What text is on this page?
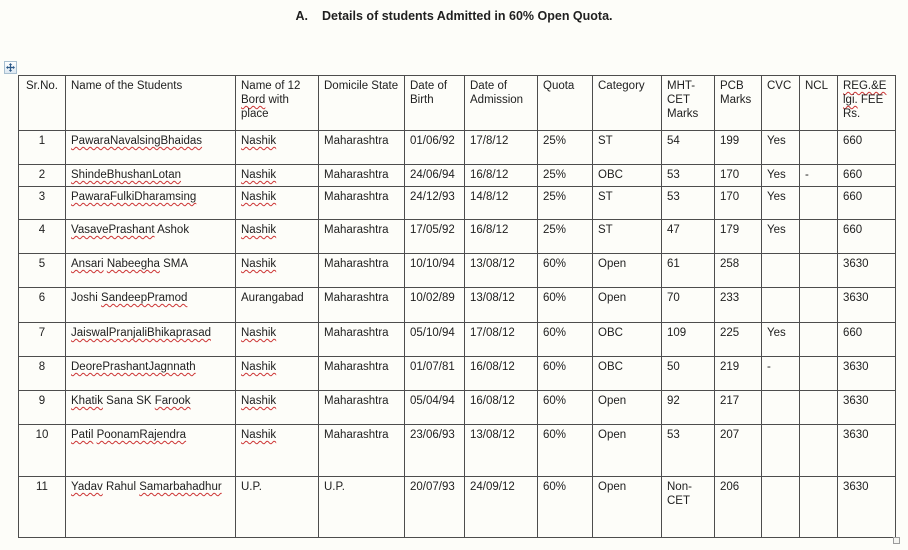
A. Details of students Admitted in 60% Open Quota.
Sr.No.	Name of the Students	Name of 12 Bord with place	Domicile State	Date of Birth	Date of Admission	Quota	Category	MHT-CET Marks	PCB Marks	CVC	NCL	REG.&E
lgi. FEE Rs.
1	PawaraNavalsingBhaidas	Nashik	Maharashtra	01/06/92	17/8/12	25%	ST	54	199	Yes		660
2	ShindeBhushanLotan	Nashik	Maharashtra	24/06/94	16/8/12	25%	OBC	53	170	Yes	-	660
3	PawaraFulkiDharamsing	Nashik	Maharashtra	24/12/93	14/8/12	25%	ST	53	170	Yes		660
4	VasavePrashant Ashok	Nashik	Maharashtra	17/05/92	16/8/12	25%	ST	47	179	Yes		660
5	Ansari Nabeegha SMA	Nashik	Maharashtra	10/10/94	13/08/12	60%	Open	61	258			3630
6	Joshi SandeepPramod	Aurangabad	Maharashtra	10/02/89	13/08/12	60%	Open	70	233			3630
7	JaiswalPranjaliBhikaprasad	Nashik	Maharashtra	05/10/94	17/08/12	60%	OBC	109	225	Yes		660
8	DeorePrashantJagnnath	Nashik	Maharashtra	01/07/81	16/08/12	60%	OBC	50	219	-		3630
9	Khatik Sana SK Farook	Nashik	Maharashtra	05/04/94	16/08/12	60%	Open	92	217			3630
10	Patil PoonamRajendra	Nashik	Maharashtra	23/06/93	13/08/12	60%	Open	53	207			3630
11	Yadav Rahul Samarbahadhur	U.P.	U.P.	20/07/93	24/09/12	60%	Open	Non-CET	206			3630
